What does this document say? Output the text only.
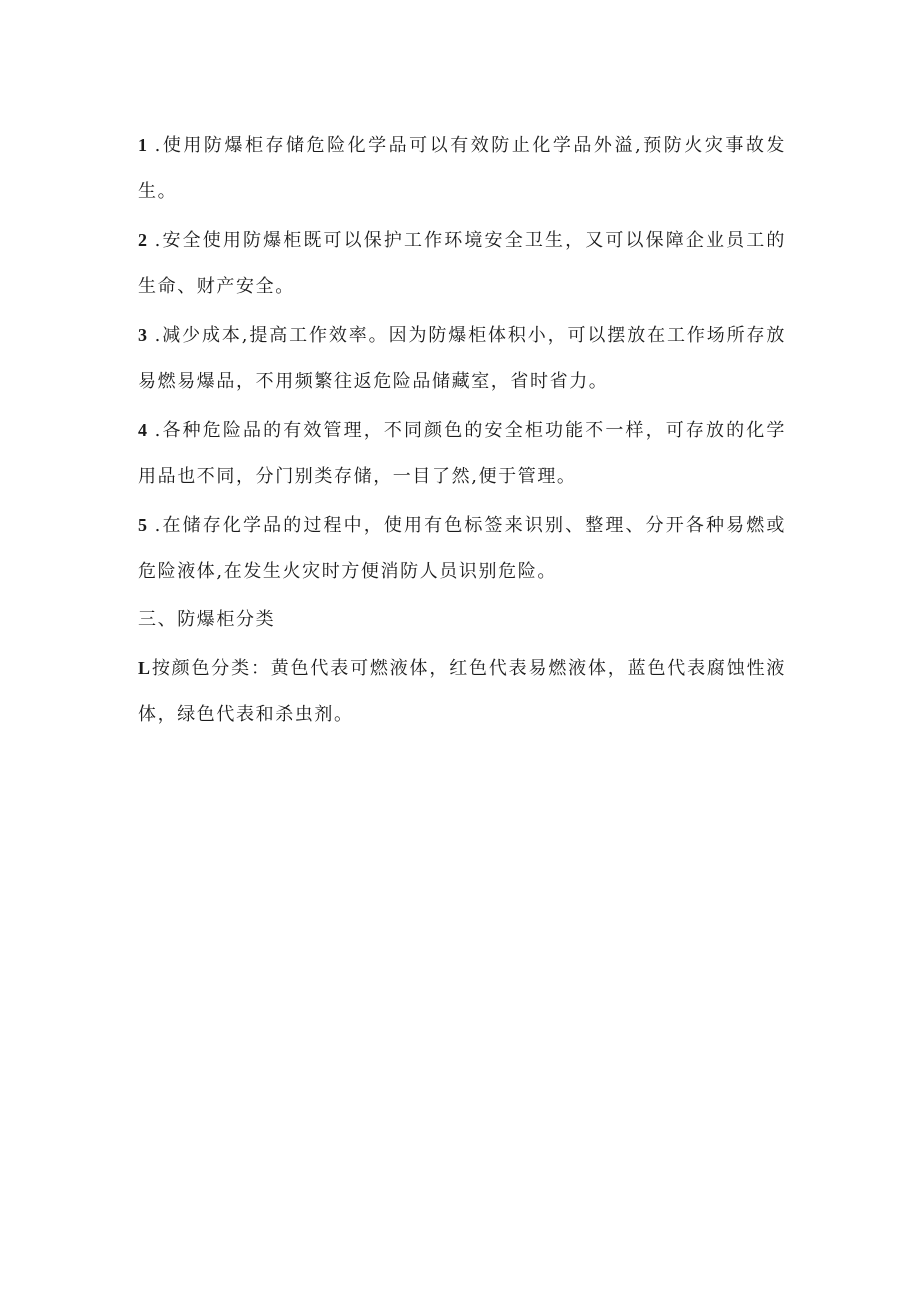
1 .使用防爆柜存储危险化学品可以有效防止化学品外溢,预防火灾事故发生。

2 .安全使用防爆柜既可以保护工作环境安全卫生，又可以保障企业员工的生命、财产安全。

3 .减少成本,提高工作效率。因为防爆柜体积小，可以摆放在工作场所存放易燃易爆品，不用频繁往返危险品储藏室，省时省力。

4 .各种危险品的有效管理，不同颜色的安全柜功能不一样，可存放的化学用品也不同，分门别类存储，一目了然,便于管理。

5 .在储存化学品的过程中，使用有色标签来识别、整理、分开各种易燃或危险液体,在发生火灾时方便消防人员识别危险。

三、防爆柜分类

L按颜色分类：黄色代表可燃液体，红色代表易燃液体，蓝色代表腐蚀性液体，绿色代表和杀虫剂。
